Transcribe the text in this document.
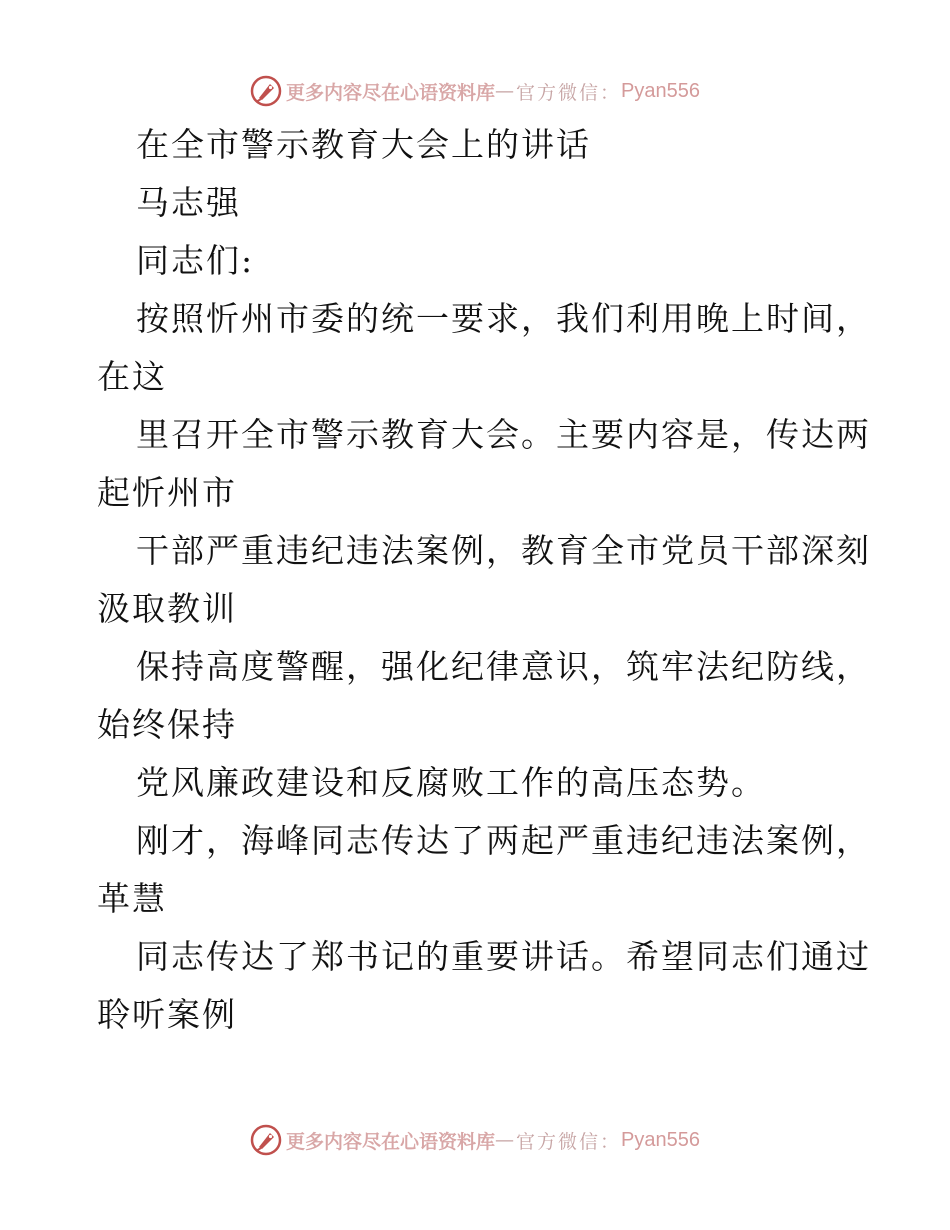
更多内容尽在心语资料库 — 官方微信： Pyan556
在全市警示教育大会上的讲话
马志强
同志们:
按照忻州市委的统一要求，我们利用晚上时间，
在这
里召开全市警示教育大会。主要内容是，传达两
起忻州市
干部严重违纪违法案例，教育全市党员干部深刻
汲取教训
保持高度警醒，强化纪律意识，筑牢法纪防线，
始终保持
党风廉政建设和反腐败工作的高压态势。
刚才，海峰同志传达了两起严重违纪违法案例，
革慧
同志传达了郑书记的重要讲话。希望同志们通过
聆听案例
更多内容尽在心语资料库 — 官方微信： Pyan556
